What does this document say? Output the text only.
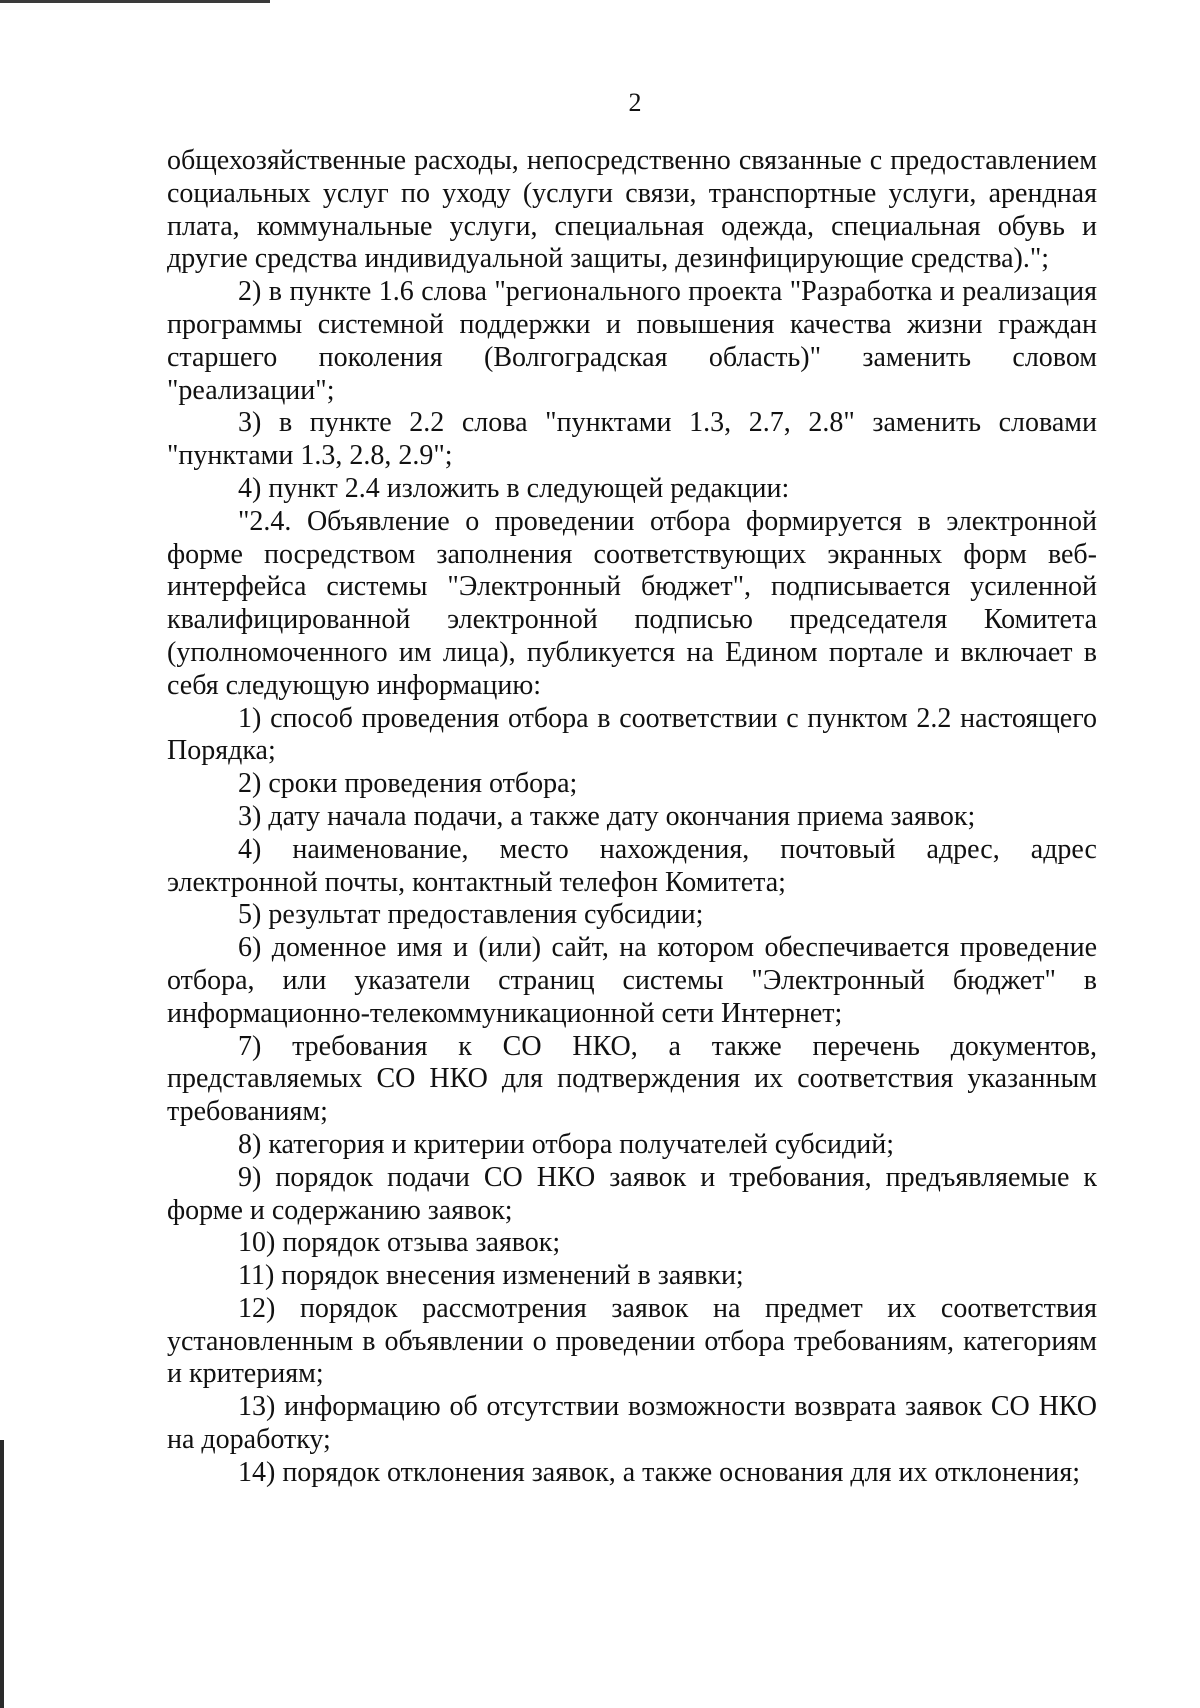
2

общехозяйственные расходы, непосредственно связанные с предоставлением социальных услуг по уходу (услуги связи, транспортные услуги, арендная плата, коммунальные услуги, специальная одежда, специальная обувь и другие средства индивидуальной защиты, дезинфицирующие средства).";

2) в пункте 1.6 слова "регионального проекта "Разработка и реализация программы системной поддержки и повышения качества жизни граждан старшего поколения (Волгоградская область)" заменить словом "реализации";

3) в пункте 2.2 слова "пунктами 1.3, 2.7, 2.8" заменить словами "пунктами 1.3, 2.8, 2.9";

4) пункт 2.4 изложить в следующей редакции:

"2.4. Объявление о проведении отбора формируется в электронной форме посредством заполнения соответствующих экранных форм веб-интерфейса системы "Электронный бюджет", подписывается усиленной квалифицированной электронной подписью председателя Комитета (уполномоченного им лица), публикуется на Едином портале и включает в себя следующую информацию:

1) способ проведения отбора в соответствии с пунктом 2.2 настоящего Порядка;

2) сроки проведения отбора;

3) дату начала подачи, а также дату окончания приема заявок;

4) наименование, место нахождения, почтовый адрес, адрес электронной почты, контактный телефон Комитета;

5) результат предоставления субсидии;

6) доменное имя и (или) сайт, на котором обеспечивается проведение отбора, или указатели страниц системы "Электронный бюджет" в информационно-телекоммуникационной сети Интернет;

7) требования к СО НКО, а также перечень документов, представляемых СО НКО для подтверждения их соответствия указанным требованиям;

8) категория и критерии отбора получателей субсидий;

9) порядок подачи СО НКО заявок и требования, предъявляемые к форме и содержанию заявок;

10) порядок отзыва заявок;

11) порядок внесения изменений в заявки;

12) порядок рассмотрения заявок на предмет их соответствия установленным в объявлении о проведении отбора требованиям, категориям и критериям;

13) информацию об отсутствии возможности возврата заявок СО НКО на доработку;

14) порядок отклонения заявок, а также основания для их отклонения;
